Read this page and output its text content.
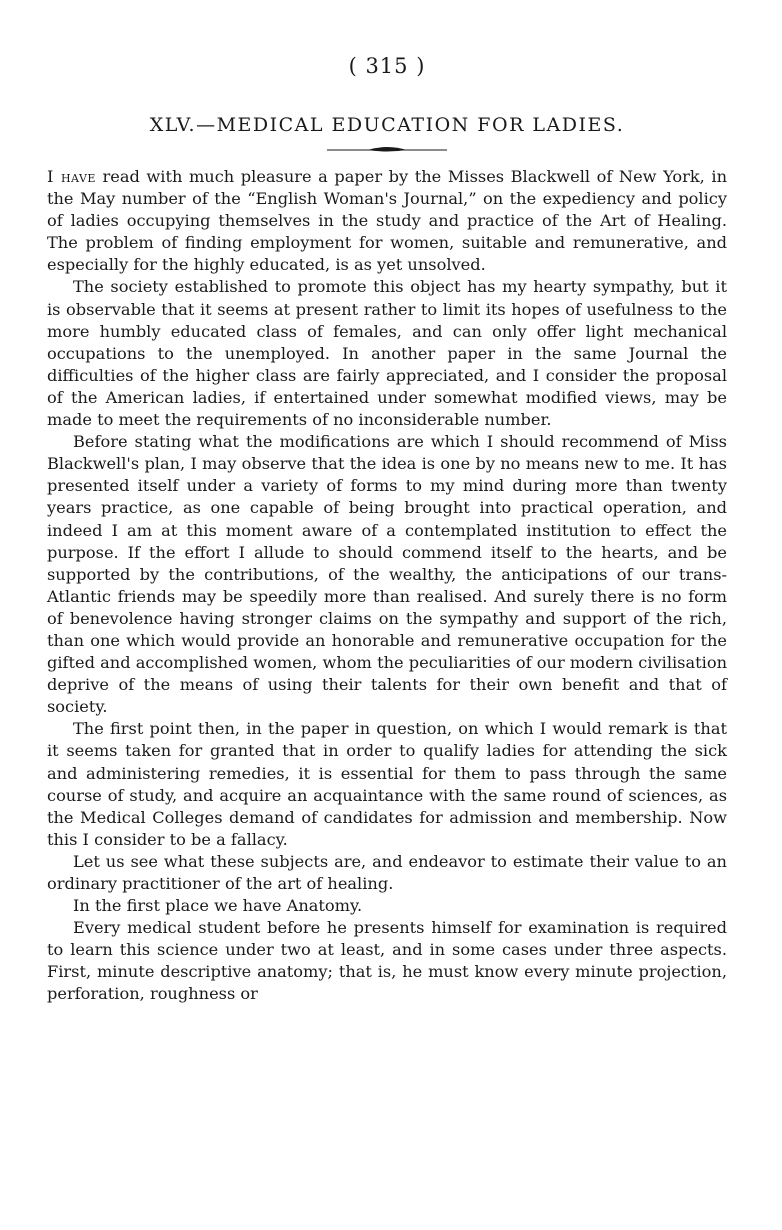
( 315 )
XLV.—MEDICAL EDUCATION FOR LADIES.

I have read with much pleasure a paper by the Misses Blackwell of New York, in the May number of the “English Woman's Journal,” on the expediency and policy of ladies occupying themselves in the study and practice of the Art of Healing. The problem of finding employment for women, suitable and remunerative, and especially for the highly educated, is as yet unsolved.

The society established to promote this object has my hearty sympathy, but it is observable that it seems at present rather to limit its hopes of usefulness to the more humbly educated class of females, and can only offer light mechanical occupations to the unemployed. In another paper in the same Journal the difficulties of the higher class are fairly appreciated, and I consider the proposal of the American ladies, if entertained under somewhat modified views, may be made to meet the requirements of no inconsiderable number.

Before stating what the modifications are which I should recommend of Miss Blackwell's plan, I may observe that the idea is one by no means new to me. It has presented itself under a variety of forms to my mind during more than twenty years practice, as one capable of being brought into practical operation, and indeed I am at this moment aware of a contemplated institution to effect the purpose. If the effort I allude to should commend itself to the hearts, and be supported by the contributions, of the wealthy, the anticipations of our trans-Atlantic friends may be speedily more than realised. And surely there is no form of benevolence having stronger claims on the sympathy and support of the rich, than one which would provide an honorable and remunerative occupation for the gifted and accomplished women, whom the peculiarities of our modern civilisation deprive of the means of using their talents for their own benefit and that of society.

The first point then, in the paper in question, on which I would remark is that it seems taken for granted that in order to qualify ladies for attending the sick and administering remedies, it is essential for them to pass through the same course of study, and acquire an acquaintance with the same round of sciences, as the Medical Colleges demand of candidates for admission and membership. Now this I consider to be a fallacy.

Let us see what these subjects are, and endeavor to estimate their value to an ordinary practitioner of the art of healing.

In the first place we have Anatomy.

Every medical student before he presents himself for examination is required to learn this science under two at least, and in some cases under three aspects. First, minute descriptive anatomy; that is, he must know every minute projection, perforation, roughness or
